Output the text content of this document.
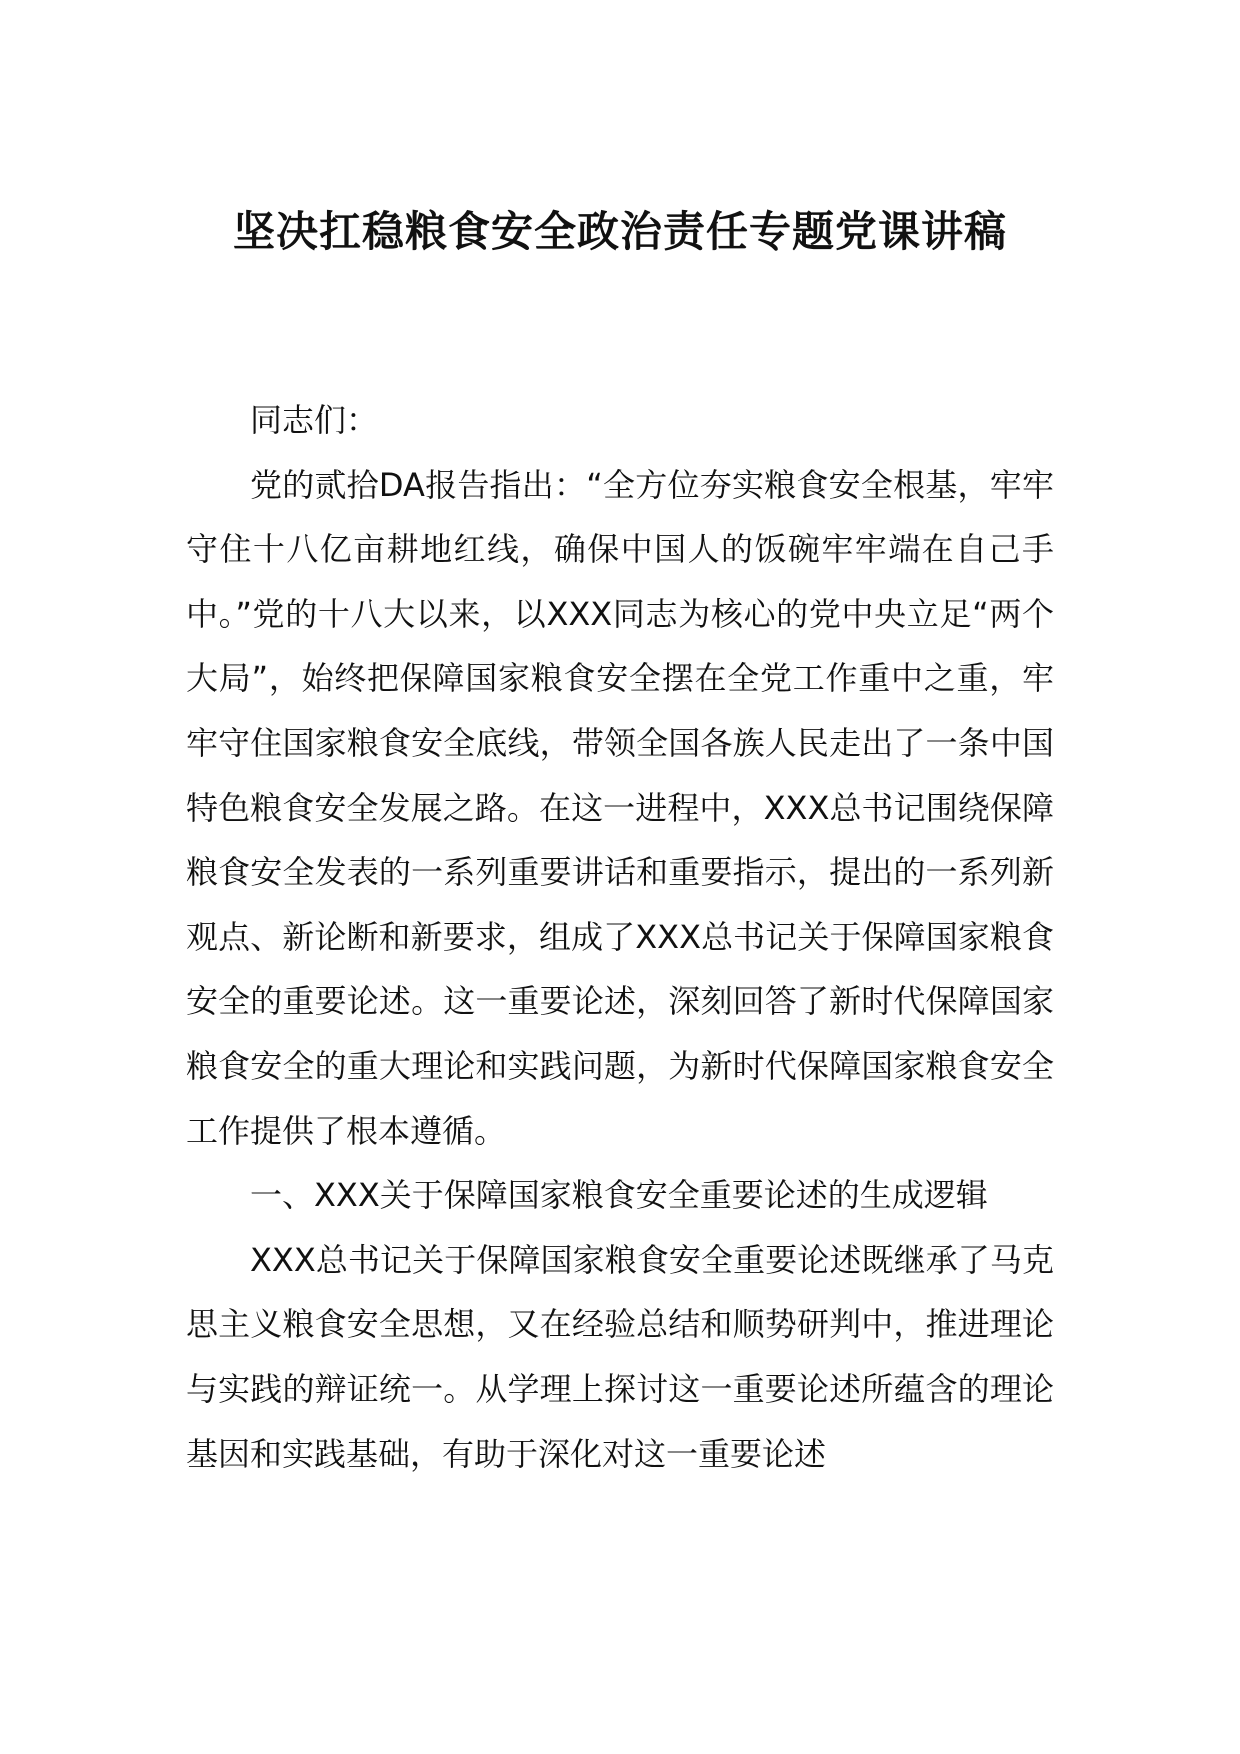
坚决扛稳粮食安全政治责任专题党课讲稿

同志们：

党的贰拾DA报告指出：“全方位夯实粮食安全根基，牢牢守住十八亿亩耕地红线，确保中国人的饭碗牢牢端在自己手中。”党的十八大以来，以XXX同志为核心的党中央立足“两个大局”，始终把保障国家粮食安全摆在全党工作重中之重，牢牢守住国家粮食安全底线，带领全国各族人民走出了一条中国特色粮食安全发展之路。在这一进程中，XXX总书记围绕保障粮食安全发表的一系列重要讲话和重要指示，提出的一系列新观点、新论断和新要求，组成了XXX总书记关于保障国家粮食安全的重要论述。这一重要论述，深刻回答了新时代保障国家粮食安全的重大理论和实践问题，为新时代保障国家粮食安全工作提供了根本遵循。

一、XXX关于保障国家粮食安全重要论述的生成逻辑

XXX总书记关于保障国家粮食安全重要论述既继承了马克思主义粮食安全思想，又在经验总结和顺势研判中，推进理论与实践的辩证统一。从学理上探讨这一重要论述所蕴含的理论基因和实践基础，有助于深化对这一重要论述
